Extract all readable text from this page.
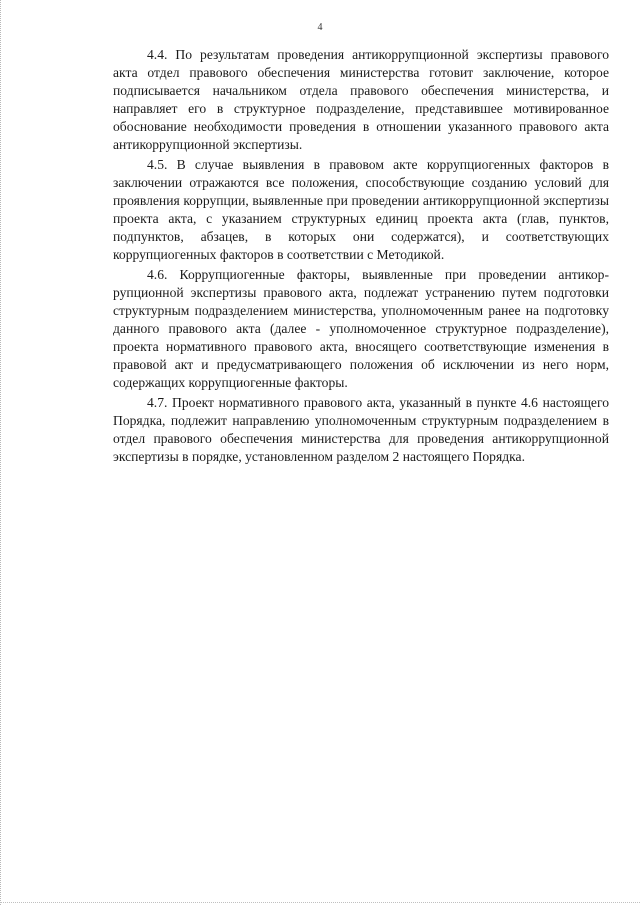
4

4.4. По результатам проведения антикоррупционной экспертизы правового акта отдел правового обеспечения министерства готовит заключение, которое подписывается начальником отдела правового обеспечения министерства, и направляет его в структурное подразделение, представившее мотивированное обоснование необходимости проведения в отношении указанного правового акта антикоррупционной экспертизы.

4.5. В случае выявления в правовом акте коррупциогенных факторов в заключении отражаются все положения, способствующие созданию условий для проявления коррупции, выявленные при проведении антикоррупционной экспертизы проекта акта, с указанием структурных единиц проекта акта (глав, пунктов, подпунктов, абзацев, в которых они содержатся), и соответствующих коррупциогенных факторов в соответствии с Методикой.

4.6. Коррупциогенные факторы, выявленные при проведении антикоррупционной экспертизы правового акта, подлежат устранению путем подготовки структурным подразделением министерства, уполномоченным ранее на подготовку данного правового акта (далее - уполномоченное структурное подразделение), проекта нормативного правового акта, вносящего соответствующие изменения в правовой акт и предусматривающего положения об исключении из него норм, содержащих коррупциогенные факторы.

4.7. Проект нормативного правового акта, указанный в пункте 4.6 настоящего Порядка, подлежит направлению уполномоченным структурным подразделением в отдел правового обеспечения министерства для проведения антикоррупционной экспертизы в порядке, установленном разделом 2 настоящего Порядка.
